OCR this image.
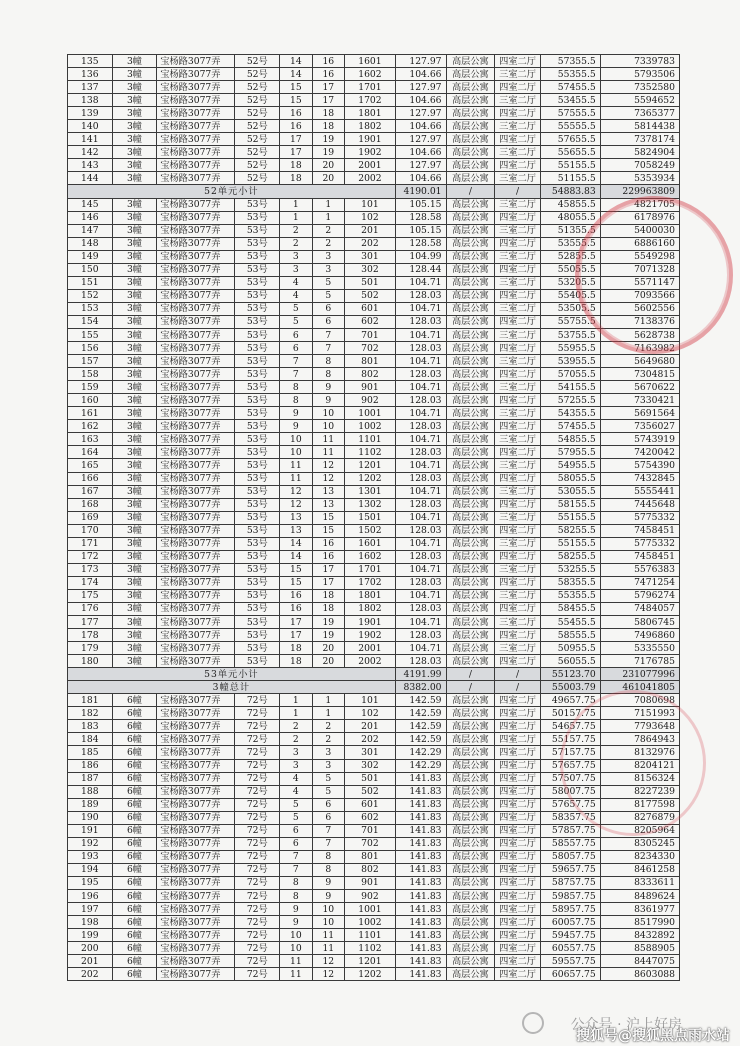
135	3幢	宝杨路3077弄	52号	14	16	1601	127.97	高层公寓	四室二厅	57355.5	7339783
136	3幢	宝杨路3077弄	52号	14	16	1602	104.66	高层公寓	三室二厅	55355.5	5793506
137	3幢	宝杨路3077弄	52号	15	17	1701	127.97	高层公寓	四室二厅	57455.5	7352580
138	3幢	宝杨路3077弄	52号	15	17	1702	104.66	高层公寓	三室二厅	53455.5	5594652
139	3幢	宝杨路3077弄	52号	16	18	1801	127.97	高层公寓	四室二厅	57555.5	7365377
140	3幢	宝杨路3077弄	52号	16	18	1802	104.66	高层公寓	三室二厅	55555.5	5814438
141	3幢	宝杨路3077弄	52号	17	19	1901	127.97	高层公寓	四室二厅	57655.5	7378174
142	3幢	宝杨路3077弄	52号	17	19	1902	104.66	高层公寓	三室二厅	55655.5	5824904
143	3幢	宝杨路3077弄	52号	18	20	2001	127.97	高层公寓	四室二厅	55155.5	7058249
144	3幢	宝杨路3077弄	52号	18	20	2002	104.66	高层公寓	三室二厅	51155.5	5353934
52单元小计							4190.01	/	/	54883.83	229963809
145	3幢	宝杨路3077弄	53号	1	1	101	105.15	高层公寓	三室二厅	45855.5	4821705
146	3幢	宝杨路3077弄	53号	1	1	102	128.58	高层公寓	四室二厅	48055.5	6178976
147	3幢	宝杨路3077弄	53号	2	2	201	105.15	高层公寓	三室二厅	51355.5	5400030
148	3幢	宝杨路3077弄	53号	2	2	202	128.58	高层公寓	四室二厅	53555.5	6886160
149	3幢	宝杨路3077弄	53号	3	3	301	104.99	高层公寓	三室二厅	52855.5	5549298
150	3幢	宝杨路3077弄	53号	3	3	302	128.44	高层公寓	四室二厅	55055.5	7071328
151	3幢	宝杨路3077弄	53号	4	5	501	104.71	高层公寓	三室二厅	53205.5	5571147
152	3幢	宝杨路3077弄	53号	4	5	502	128.03	高层公寓	四室二厅	55405.5	7093566
153	3幢	宝杨路3077弄	53号	5	6	601	104.71	高层公寓	三室二厅	53505.5	5602556
154	3幢	宝杨路3077弄	53号	5	6	602	128.03	高层公寓	四室二厅	55755.5	7138376
155	3幢	宝杨路3077弄	53号	6	7	701	104.71	高层公寓	三室二厅	53755.5	5628738
156	3幢	宝杨路3077弄	53号	6	7	702	128.03	高层公寓	四室二厅	55955.5	7163982
157	3幢	宝杨路3077弄	53号	7	8	801	104.71	高层公寓	三室二厅	53955.5	5649680
158	3幢	宝杨路3077弄	53号	7	8	802	128.03	高层公寓	四室二厅	57055.5	7304815
159	3幢	宝杨路3077弄	53号	8	9	901	104.71	高层公寓	三室二厅	54155.5	5670622
160	3幢	宝杨路3077弄	53号	8	9	902	128.03	高层公寓	四室二厅	57255.5	7330421
161	3幢	宝杨路3077弄	53号	9	10	1001	104.71	高层公寓	三室二厅	54355.5	5691564
162	3幢	宝杨路3077弄	53号	9	10	1002	128.03	高层公寓	四室二厅	57455.5	7356027
163	3幢	宝杨路3077弄	53号	10	11	1101	104.71	高层公寓	三室二厅	54855.5	5743919
164	3幢	宝杨路3077弄	53号	10	11	1102	128.03	高层公寓	四室二厅	57955.5	7420042
165	3幢	宝杨路3077弄	53号	11	12	1201	104.71	高层公寓	三室二厅	54955.5	5754390
166	3幢	宝杨路3077弄	53号	11	12	1202	128.03	高层公寓	四室二厅	58055.5	7432845
167	3幢	宝杨路3077弄	53号	12	13	1301	104.71	高层公寓	三室二厅	53055.5	5555441
168	3幢	宝杨路3077弄	53号	12	13	1302	128.03	高层公寓	四室二厅	58155.5	7445648
169	3幢	宝杨路3077弄	53号	13	15	1501	104.71	高层公寓	三室二厅	55155.5	5775332
170	3幢	宝杨路3077弄	53号	13	15	1502	128.03	高层公寓	四室二厅	58255.5	7458451
171	3幢	宝杨路3077弄	53号	14	16	1601	104.71	高层公寓	三室二厅	55155.5	5775332
172	3幢	宝杨路3077弄	53号	14	16	1602	128.03	高层公寓	四室二厅	58255.5	7458451
173	3幢	宝杨路3077弄	53号	15	17	1701	104.71	高层公寓	三室二厅	53255.5	5576383
174	3幢	宝杨路3077弄	53号	15	17	1702	128.03	高层公寓	四室二厅	58355.5	7471254
175	3幢	宝杨路3077弄	53号	16	18	1801	104.71	高层公寓	三室二厅	55355.5	5796274
176	3幢	宝杨路3077弄	53号	16	18	1802	128.03	高层公寓	四室二厅	58455.5	7484057
177	3幢	宝杨路3077弄	53号	17	19	1901	104.71	高层公寓	三室二厅	55455.5	5806745
178	3幢	宝杨路3077弄	53号	17	19	1902	128.03	高层公寓	四室二厅	58555.5	7496860
179	3幢	宝杨路3077弄	53号	18	20	2001	104.71	高层公寓	三室二厅	50955.5	5335550
180	3幢	宝杨路3077弄	53号	18	20	2002	128.03	高层公寓	四室二厅	56055.5	7176785
53单元小计							4191.99	/	/	55123.70	231077996
3幢总计							8382.00	/	/	55003.79	461041805
181	6幢	宝杨路3077弄	72号	1	1	101	142.59	高层公寓	四室二厅	49657.75	7080698
182	6幢	宝杨路3077弄	72号	1	1	102	142.59	高层公寓	四室二厅	50157.75	7151993
183	6幢	宝杨路3077弄	72号	2	2	201	142.59	高层公寓	四室二厅	54657.75	7793648
184	6幢	宝杨路3077弄	72号	2	2	202	142.59	高层公寓	四室二厅	55157.75	7864943
185	6幢	宝杨路3077弄	72号	3	3	301	142.29	高层公寓	四室二厅	57157.75	8132976
186	6幢	宝杨路3077弄	72号	3	3	302	142.29	高层公寓	四室二厅	57657.75	8204121
187	6幢	宝杨路3077弄	72号	4	5	501	141.83	高层公寓	四室二厅	57507.75	8156324
188	6幢	宝杨路3077弄	72号	4	5	502	141.83	高层公寓	四室二厅	58007.75	8227239
189	6幢	宝杨路3077弄	72号	5	6	601	141.83	高层公寓	四室二厅	57657.75	8177598
190	6幢	宝杨路3077弄	72号	5	6	602	141.83	高层公寓	四室二厅	58357.75	8276879
191	6幢	宝杨路3077弄	72号	6	7	701	141.83	高层公寓	四室二厅	57857.75	8205964
192	6幢	宝杨路3077弄	72号	6	7	702	141.83	高层公寓	四室二厅	58557.75	8305245
193	6幢	宝杨路3077弄	72号	7	8	801	141.83	高层公寓	四室二厅	58057.75	8234330
194	6幢	宝杨路3077弄	72号	7	8	802	141.83	高层公寓	四室二厅	59657.75	8461258
195	6幢	宝杨路3077弄	72号	8	9	901	141.83	高层公寓	四室二厅	58757.75	8333611
196	6幢	宝杨路3077弄	72号	8	9	902	141.83	高层公寓	四室二厅	59857.75	8489624
197	6幢	宝杨路3077弄	72号	9	10	1001	141.83	高层公寓	四室二厅	58957.75	8361977
198	6幢	宝杨路3077弄	72号	9	10	1002	141.83	高层公寓	四室二厅	60057.75	8517990
199	6幢	宝杨路3077弄	72号	10	11	1101	141.83	高层公寓	四室二厅	59457.75	8432892
200	6幢	宝杨路3077弄	72号	10	11	1102	141.83	高层公寓	四室二厅	60557.75	8588905
201	6幢	宝杨路3077弄	72号	11	12	1201	141.83	高层公寓	四室二厅	59557.75	8447075
202	6幢	宝杨路3077弄	72号	11	12	1202	141.83	高层公寓	四室二厅	60657.75	8603088
公众号 · 沪上好房
搜狐号@搜狐黑点雨水站
